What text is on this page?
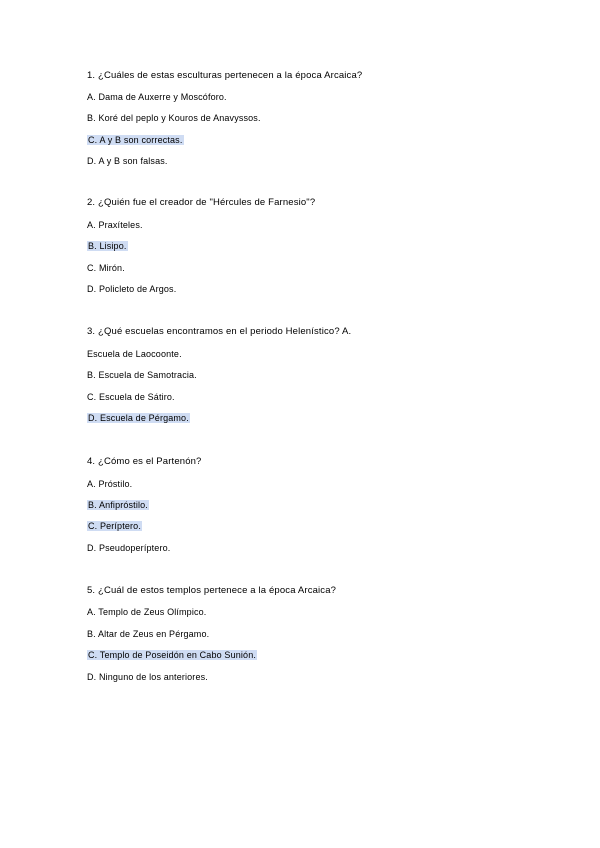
1. ¿Cuáles de estas esculturas pertenecen a la época Arcaica?
A. Dama de Auxerre y Moscóforo.
B. Koré del peplo y Kouros de Anavyssos.
C. A y B son correctas.
D. A y B son falsas.
2. ¿Quién fue el creador de "Hércules de Farnesio"?
A. Praxíteles.
B. Lisipo.
C. Mirón.
D. Policleto de Argos.
3. ¿Qué escuelas encontramos en el periodo Helenístico? A.
Escuela de Laocoonte.
B. Escuela de Samotracia.
C. Escuela de Sátiro.
D. Escuela de Pérgamo.
4. ¿Cómo es el Partenón?
A. Próstilo.
B. Anfipróstilo.
C. Períptero.
D. Pseudoperíptero.
5. ¿Cuál de estos templos pertenece a la época Arcaica?
A. Templo de Zeus Olímpico.
B. Altar de Zeus en Pérgamo.
C. Templo de Poseidón en Cabo Sunión.
D. Ninguno de los anteriores.
